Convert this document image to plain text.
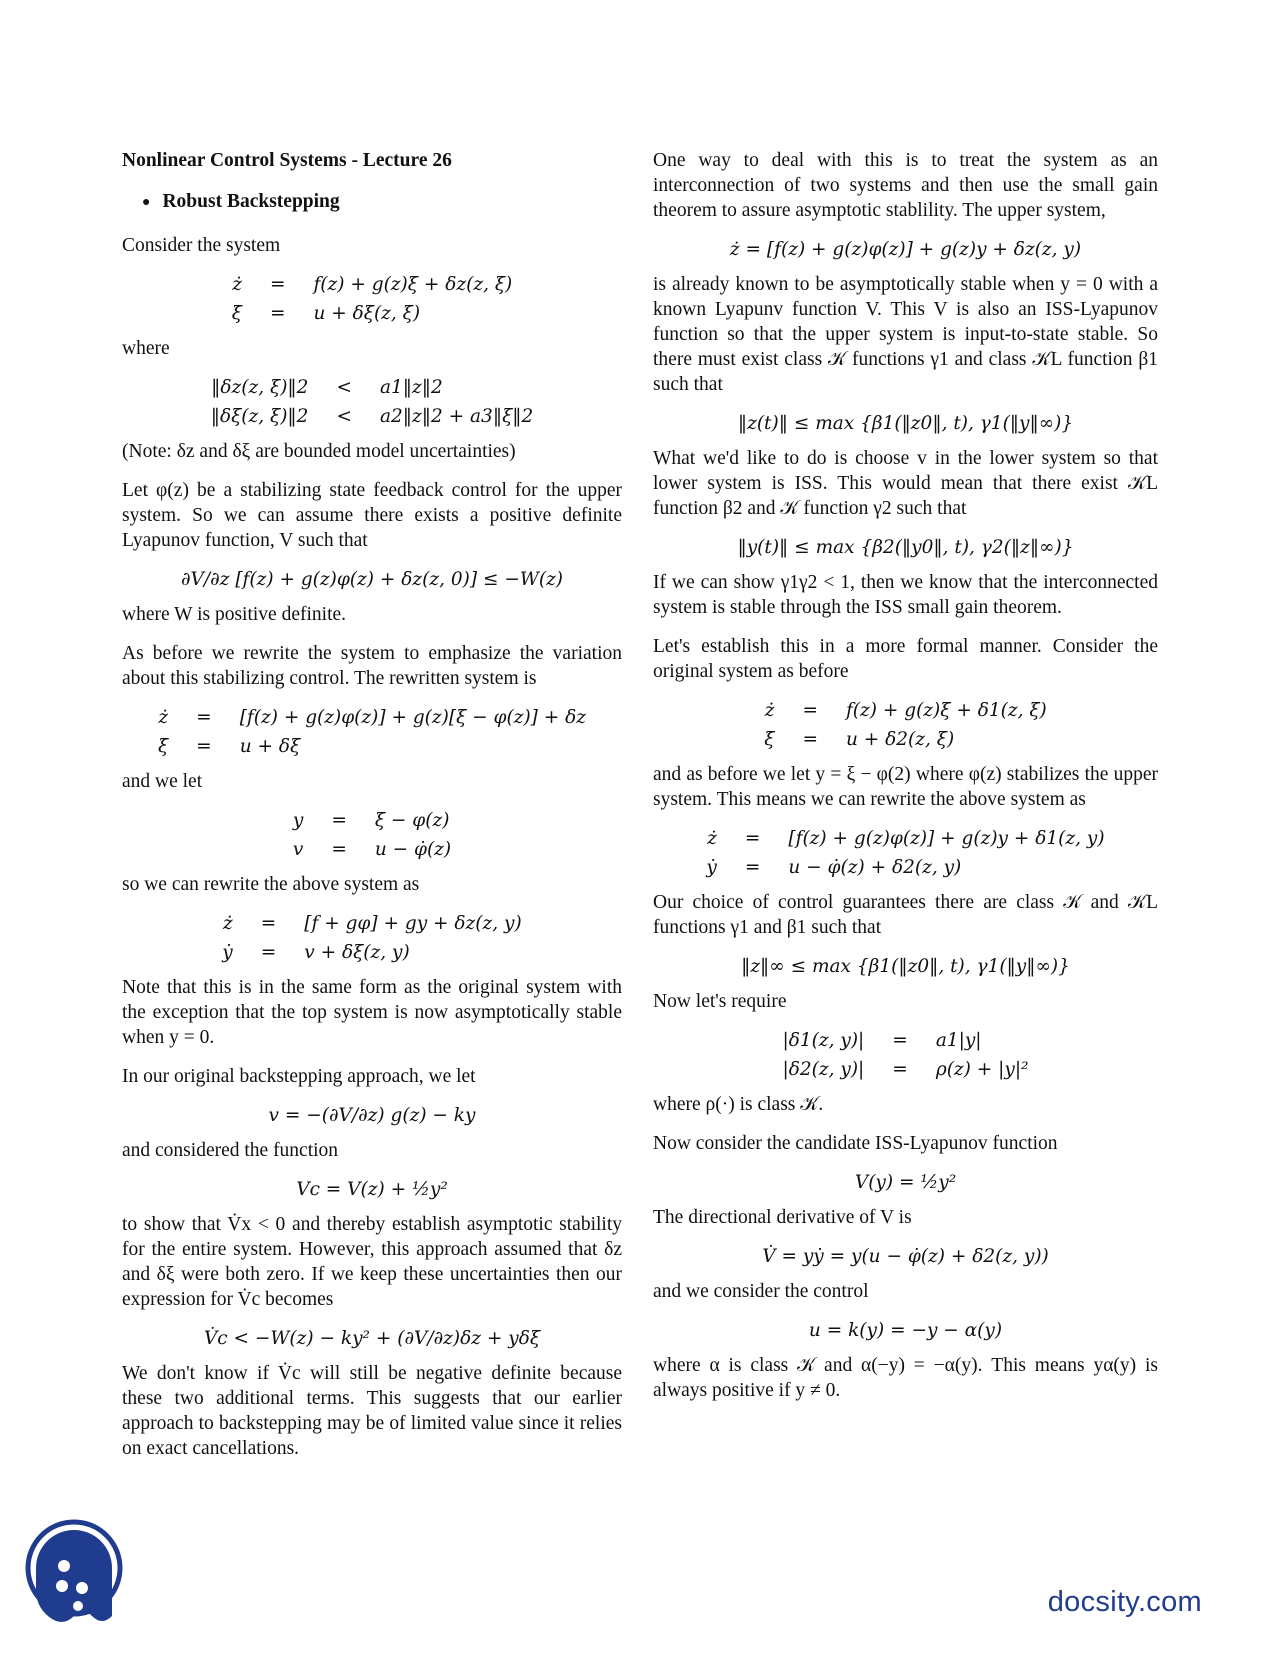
Nonlinear Control Systems - Lecture 26
● Robust Backstepping

Consider the system

ż = f(z) + g(z)ξ + δz(z, ξ)
ξ̇ = u + δξ(z, ξ)

where

‖δz(z, ξ)‖2 < a1‖z‖2
‖δξ(z, ξ)‖2 < a2‖z‖2 + a3‖ξ‖2

(Note: δz and δξ are bounded model uncertainties)

Let φ(z) be a stabilizing state feedback control for the upper system. So we can assume there exists a positive definite Lyapunov function, V such that

∂V/∂z [f(z) + g(z)φ(z) + δz(z, 0)] ≤ −W(z)

where W is positive definite.

As before we rewrite the system to emphasize the variation about this stabilizing control. The rewritten system is

ż = [f(z) + g(z)φ(z)] + g(z)[ξ − φ(z)] + δz
ξ̇ = u + δξ

and we let

y = ξ − φ(z)
v = u − φ̇(z)

so we can rewrite the above system as

ż = [f + gφ] + gy + δz(z, y)
ẏ = v + δξ(z, y)

Note that this is in the same form as the original system with the exception that the top system is now asymptotically stable when y = 0.

In our original backstepping approach, we let

v = −(∂V/∂z) g(z) − ky

and considered the function

Vc = V(z) + ½y²

to show that V̇x < 0 and thereby establish asymptotic stability for the entire system. However, this approach assumed that δz and δξ were both zero. If we keep these uncertainties then our expression for V̇c becomes

V̇c < −W(z) − ky² + (∂V/∂z)δz + yδξ

We don't know if V̇c will still be negative definite because these two additional terms. This suggests that our earlier approach to backstepping may be of limited value since it relies on exact cancellations.

One way to deal with this is to treat the system as an interconnection of two systems and then use the small gain theorem to assure asymptotic stablility. The upper system,

ż = [f(z) + g(z)φ(z)] + g(z)y + δz(z, y)

is already known to be asymptotically stable when y = 0 with a known Lyapunv function V. This V is also an ISS-Lyapunov function so that the upper system is input-to-state stable. So there must exist class 𝒦 functions γ1 and class 𝒦L function β1 such that

‖z(t)‖ ≤ max {β1(‖z0‖, t), γ1(‖y‖∞)}

What we'd like to do is choose v in the lower system so that lower system is ISS. This would mean that there exist 𝒦L function β2 and 𝒦 function γ2 such that

‖y(t)‖ ≤ max {β2(‖y0‖, t), γ2(‖z‖∞)}

If we can show γ1γ2 < 1, then we know that the interconnected system is stable through the ISS small gain theorem.

Let's establish this in a more formal manner. Consider the original system as before

ż = f(z) + g(z)ξ + δ1(z, ξ)
ξ̇ = u + δ2(z, ξ)

and as before we let y = ξ − φ(2) where φ(z) stabilizes the upper system. This means we can rewrite the above system as

ż = [f(z) + g(z)φ(z)] + g(z)y + δ1(z, y)
ẏ = u − φ̇(z) + δ2(z, y)

Our choice of control guarantees there are class 𝒦 and 𝒦L functions γ1 and β1 such that

‖z‖∞ ≤ max {β1(‖z0‖, t), γ1(‖y‖∞)}

Now let's require

|δ1(z, y)| = a1|y|
|δ2(z, y)| = ρ(z) + |y|²

where ρ(·) is class 𝒦.

Now consider the candidate ISS-Lyapunov function

V(y) = ½y²

The directional derivative of V is

V̇ = yẏ = y(u − φ̇(z) + δ2(z, y))

and we consider the control

u = k(y) = −y − α(y)

where α is class 𝒦 and α(−y) = −α(y). This means yα(y) is always positive if y ≠ 0.

docsity.com
